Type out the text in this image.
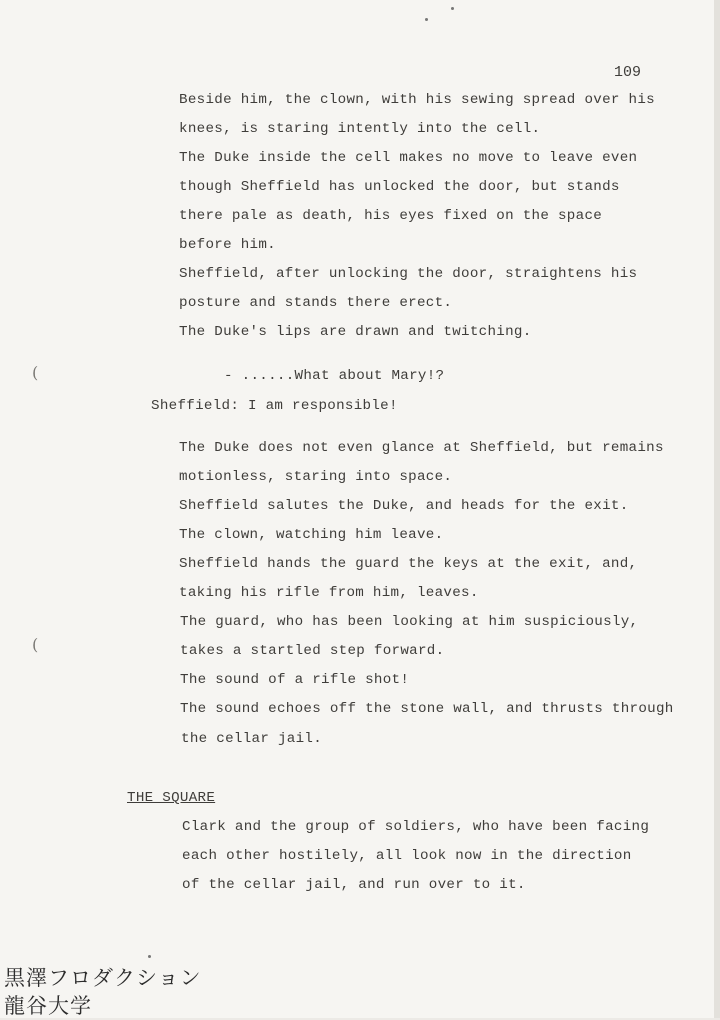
109
Beside him, the clown, with his sewing spread over his
knees, is staring intently into the cell.
The Duke inside the cell makes no move to leave even
though Sheffield has unlocked the door, but stands
there pale as death, his eyes fixed on the space
before him.
Sheffield, after unlocking the door, straightens his
posture and stands there erect.
The Duke's lips are drawn and twitching.
(	- ......What about Mary!?
Sheffield: I am responsible!
The Duke does not even glance at Sheffield, but remains
motionless, staring into space.
Sheffield salutes the Duke, and heads for the exit.
The clown, watching him leave.
Sheffield hands the guard the keys at the exit, and,
taking his rifle from him, leaves.
The guard, who has been looking at him suspiciously,
(	takes a startled step forward.
The sound of a rifle shot!
The sound echoes off the stone wall, and thrusts through
the cellar jail.
THE SQUARE
Clark and the group of soldiers, who have been facing
each other hostilely, all look now in the direction
of the cellar jail, and run over to it.
黒澤フロダクション
龍谷大学
